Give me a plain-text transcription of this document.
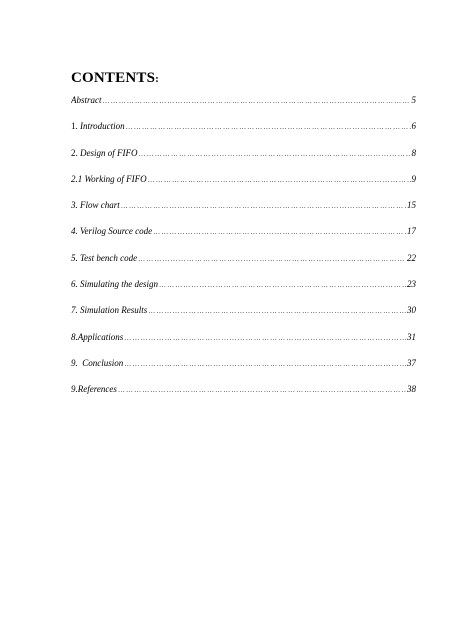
CONTENTS:
Abstract …………………………………………………………………………………………………………………………………………………………………………………………………………………………………………	5
1. Introduction …………………………………………………………………………………………………………………………………………………………………………………………………………………………………………	6
2. Design of FIFO …………………………………………………………………………………………………………………………………………………………………………………………………………………………………………	8
2.1 Working of FIFO …………………………………………………………………………………………………………………………………………………………………………………………………………………………………………	9
3. Flow chart …………………………………………………………………………………………………………………………………………………………………………………………………………………………………………	15
4. Verilog Source code …………………………………………………………………………………………………………………………………………………………………………………………………………………………………………	17
5. Test bench code …………………………………………………………………………………………………………………………………………………………………………………………………………………………………………	22
6. Simulating the design …………………………………………………………………………………………………………………………………………………………………………………………………………………………………………	23
7. Simulation Results …………………………………………………………………………………………………………………………………………………………………………………………………………………………………………	30
8.Applications …………………………………………………………………………………………………………………………………………………………………………………………………………………………………………	31
9.  Conclusion …………………………………………………………………………………………………………………………………………………………………………………………………………………………………………	37
9.References …………………………………………………………………………………………………………………………………………………………………………………………………………………………………………	38
